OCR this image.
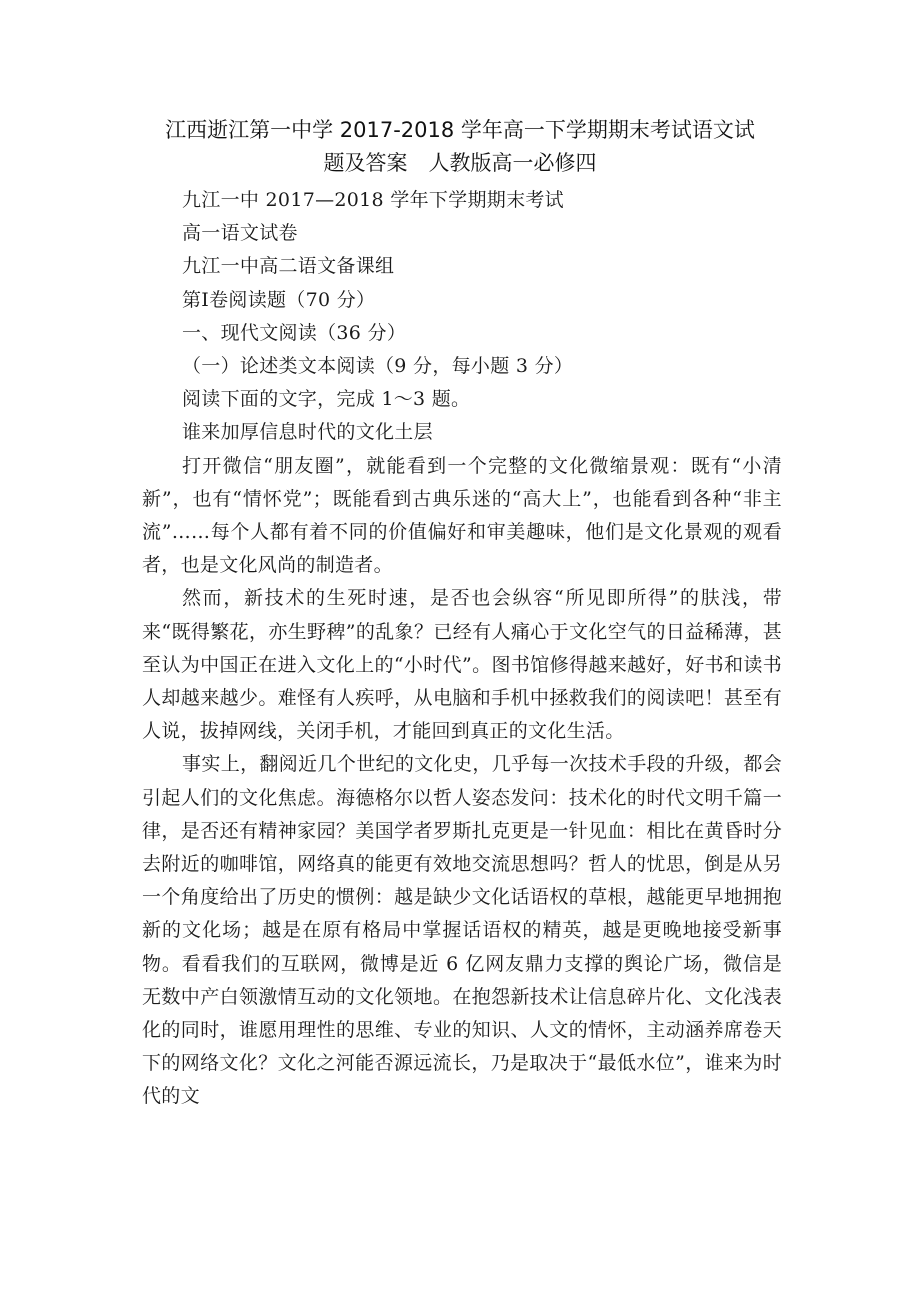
江西逝江第一中学 2017-2018 学年高一下学期期末考试语文试
题及答案　人教版高一必修四

九江一中 2017—2018 学年下学期期末考试

高一语文试卷

九江一中高二语文备课组

第Ⅰ卷阅读题（70 分）

一、现代文阅读（36 分）

（一）论述类文本阅读（9 分，每小题 3 分）

阅读下面的文字，完成 1～3 题。

谁来加厚信息时代的文化土层

打开微信“朋友圈”，就能看到一个完整的文化微缩景观：既有“小清新”，也有“情怀党”；既能看到古典乐迷的“高大上”，也能看到各种“非主流”……每个人都有着不同的价值偏好和审美趣味，他们是文化景观的观看者，也是文化风尚的制造者。

然而，新技术的生死时速，是否也会纵容“所见即所得”的肤浅，带来“既得繁花，亦生野稗”的乱象？已经有人痛心于文化空气的日益稀薄，甚至认为中国正在进入文化上的“小时代”。图书馆修得越来越好，好书和读书人却越来越少。难怪有人疾呼，从电脑和手机中拯救我们的阅读吧！甚至有人说，拔掉网线，关闭手机，才能回到真正的文化生活。

事实上，翻阅近几个世纪的文化史，几乎每一次技术手段的升级，都会引起人们的文化焦虑。海德格尔以哲人姿态发问：技术化的时代文明千篇一律，是否还有精神家园？美国学者罗斯扎克更是一针见血：相比在黄昏时分去附近的咖啡馆，网络真的能更有效地交流思想吗？哲人的忧思，倒是从另一个角度给出了历史的惯例：越是缺少文化话语权的草根，越能更早地拥抱新的文化场；越是在原有格局中掌握话语权的精英，越是更晚地接受新事物。看看我们的互联网，微博是近 6 亿网友鼎力支撑的舆论广场，微信是无数中产白领激情互动的文化领地。在抱怨新技术让信息碎片化、文化浅表化的同时，谁愿用理性的思维、专业的知识、人文的情怀，主动涵养席卷天下的网络文化？文化之河能否源远流长，乃是取决于“最低水位”，谁来为时代的文
